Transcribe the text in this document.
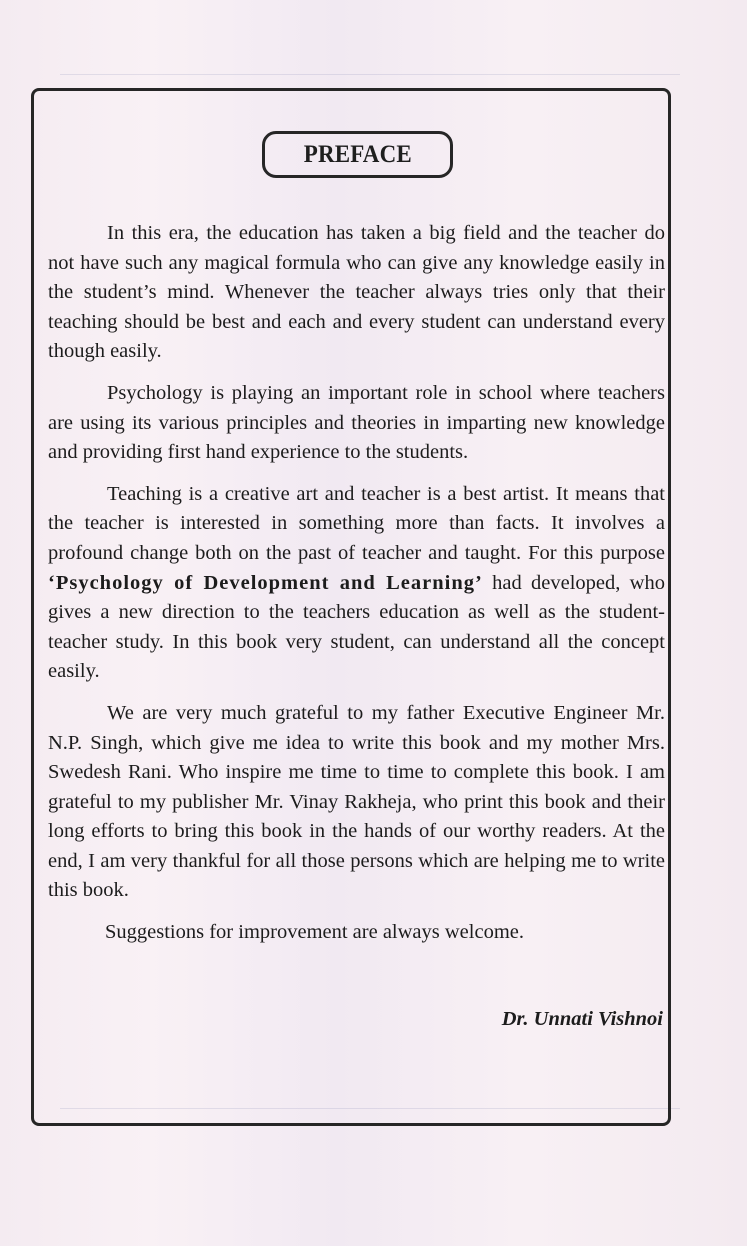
PREFACE

In this era, the education has taken a big field and the teacher do not have such any magical formula who can give any knowledge easily in the student’s mind. Whenever the teacher always tries only that their teaching should be best and each and every student can understand every though easily.

Psychology is playing an important role in school where teachers are using its various principles and theories in imparting new knowledge and providing first hand experience to the students.

Teaching is a creative art and teacher is a best artist. It means that the teacher is interested in something more than facts. It involves a profound change both on the past of teacher and taught. For this purpose ‘Psychology of Development and Learning’ had developed, who gives a new direction to the teachers education as well as the student-teacher study. In this book very student, can understand all the concept easily.

We are very much grateful to my father Executive Engineer Mr. N.P. Singh, which give me idea to write this book and my mother Mrs. Swedesh Rani. Who inspire me time to time to complete this book. I am grateful to my publisher Mr. Vinay Rakheja, who print this book and their long efforts to bring this book in the hands of our worthy readers. At the end, I am very thankful for all those persons which are helping me to write this book.

Suggestions for improvement are always welcome.

Dr. Unnati Vishnoi
